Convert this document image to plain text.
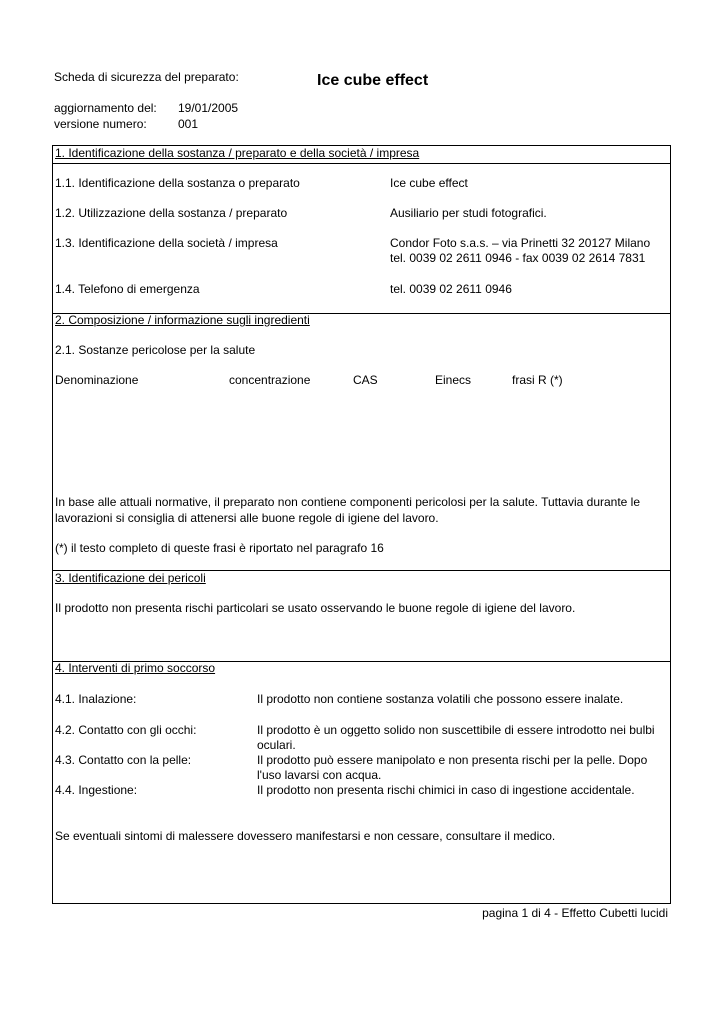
Scheda di sicurezza del preparato:	Ice cube effect
aggiornamento del: 19/01/2005
versione numero:	001
1. Identificazione della sostanza / preparato e della società / impresa
1.1. Identificazione della sostanza o preparato	Ice cube effect
1.2. Utilizzazione della sostanza / preparato	Ausiliario per studi fotografici.
1.3. Identificazione della società / impresa	Condor Foto s.a.s. – via Prinetti 32 20127 Milano
tel. 0039 02 2611 0946 - fax 0039 02 2614 7831
1.4. Telefono di emergenza	tel. 0039 02 2611 0946
2. Composizione / informazione sugli ingredienti
2.1. Sostanze pericolose per la salute
Denominazione	concentrazione	CAS	Einecs	frasi R (*)
In base alle attuali normative, il preparato non contiene componenti pericolosi per la salute. Tuttavia durante le lavorazioni si consiglia di attenersi alle buone regole di igiene del lavoro.
(*) il testo completo di queste frasi è riportato nel paragrafo 16
3. Identificazione dei pericoli
Il prodotto non presenta rischi particolari se usato osservando le buone regole di igiene del lavoro.
4. Interventi di primo soccorso
4.1. Inalazione:	Il prodotto non contiene sostanza volatili che possono essere inalate.
4.2. Contatto con gli occhi:	Il prodotto è un oggetto solido non suscettibile di essere introdotto nei bulbi oculari.
4.3. Contatto con la pelle:	Il prodotto può essere manipolato e non presenta rischi per la pelle. Dopo l'uso lavarsi con acqua.
4.4. Ingestione:	Il prodotto non presenta rischi chimici in caso di ingestione accidentale.
Se eventuali sintomi di malessere dovessero manifestarsi e non cessare, consultare il medico.
pagina 1 di 4 - Effetto Cubetti lucidi
